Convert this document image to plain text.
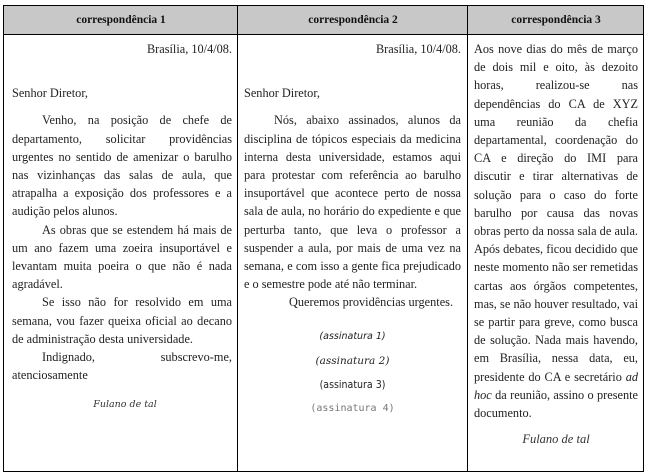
correspondência 1	correspondência 2	correspondência 3

Brasília, 10/4/08.

Senhor Diretor,

Venho, na posição de chefe de departamento, solicitar providências urgentes no sentido de amenizar o barulho nas vizinhanças das salas de aula, que atrapalha a exposição dos professores e a audição pelos alunos.

As obras que se estendem há mais de um ano fazem uma zoeira insuportável e levantam muita poeira o que não é nada agradável.

Se isso não for resolvido em uma semana, vou fazer queixa oficial ao decano de administração desta universidade.

Indignado, subscrevo-me,

atenciosamente

Fulano de tal

Brasília, 10/4/08.

Senhor Diretor,

Nós, abaixo assinados, alunos da disciplina de tópicos especiais da medicina interna desta universidade, estamos aqui para protestar com referência ao barulho insuportável que acontece perto de nossa sala de aula, no horário do expediente e que perturba tanto, que leva o professor a suspender a aula, por mais de uma vez na semana, e com isso a gente fica prejudicado e o semestre pode até não terminar.

Queremos providências urgentes.

(assinatura 1)

(assinatura 2)

(assinatura 3)

(assinatura 4)

Aos nove dias do mês de março de dois mil e oito, às dezoito horas, realizou-se nas dependências do CA de XYZ uma reunião da chefia departamental, coordenação do CA e direção do IMI para discutir e tirar alternativas de solução para o caso do forte barulho por causa das novas obras perto da nossa sala de aula. Após debates, ficou decidido que neste momento não ser remetidas cartas aos órgãos competentes, mas, se não houver resultado, vai se partir para greve, como busca de solução. Nada mais havendo, em Brasília, nessa data, eu, presidente do CA e secretário ad hoc da reunião, assino o presente documento.

Fulano de tal
